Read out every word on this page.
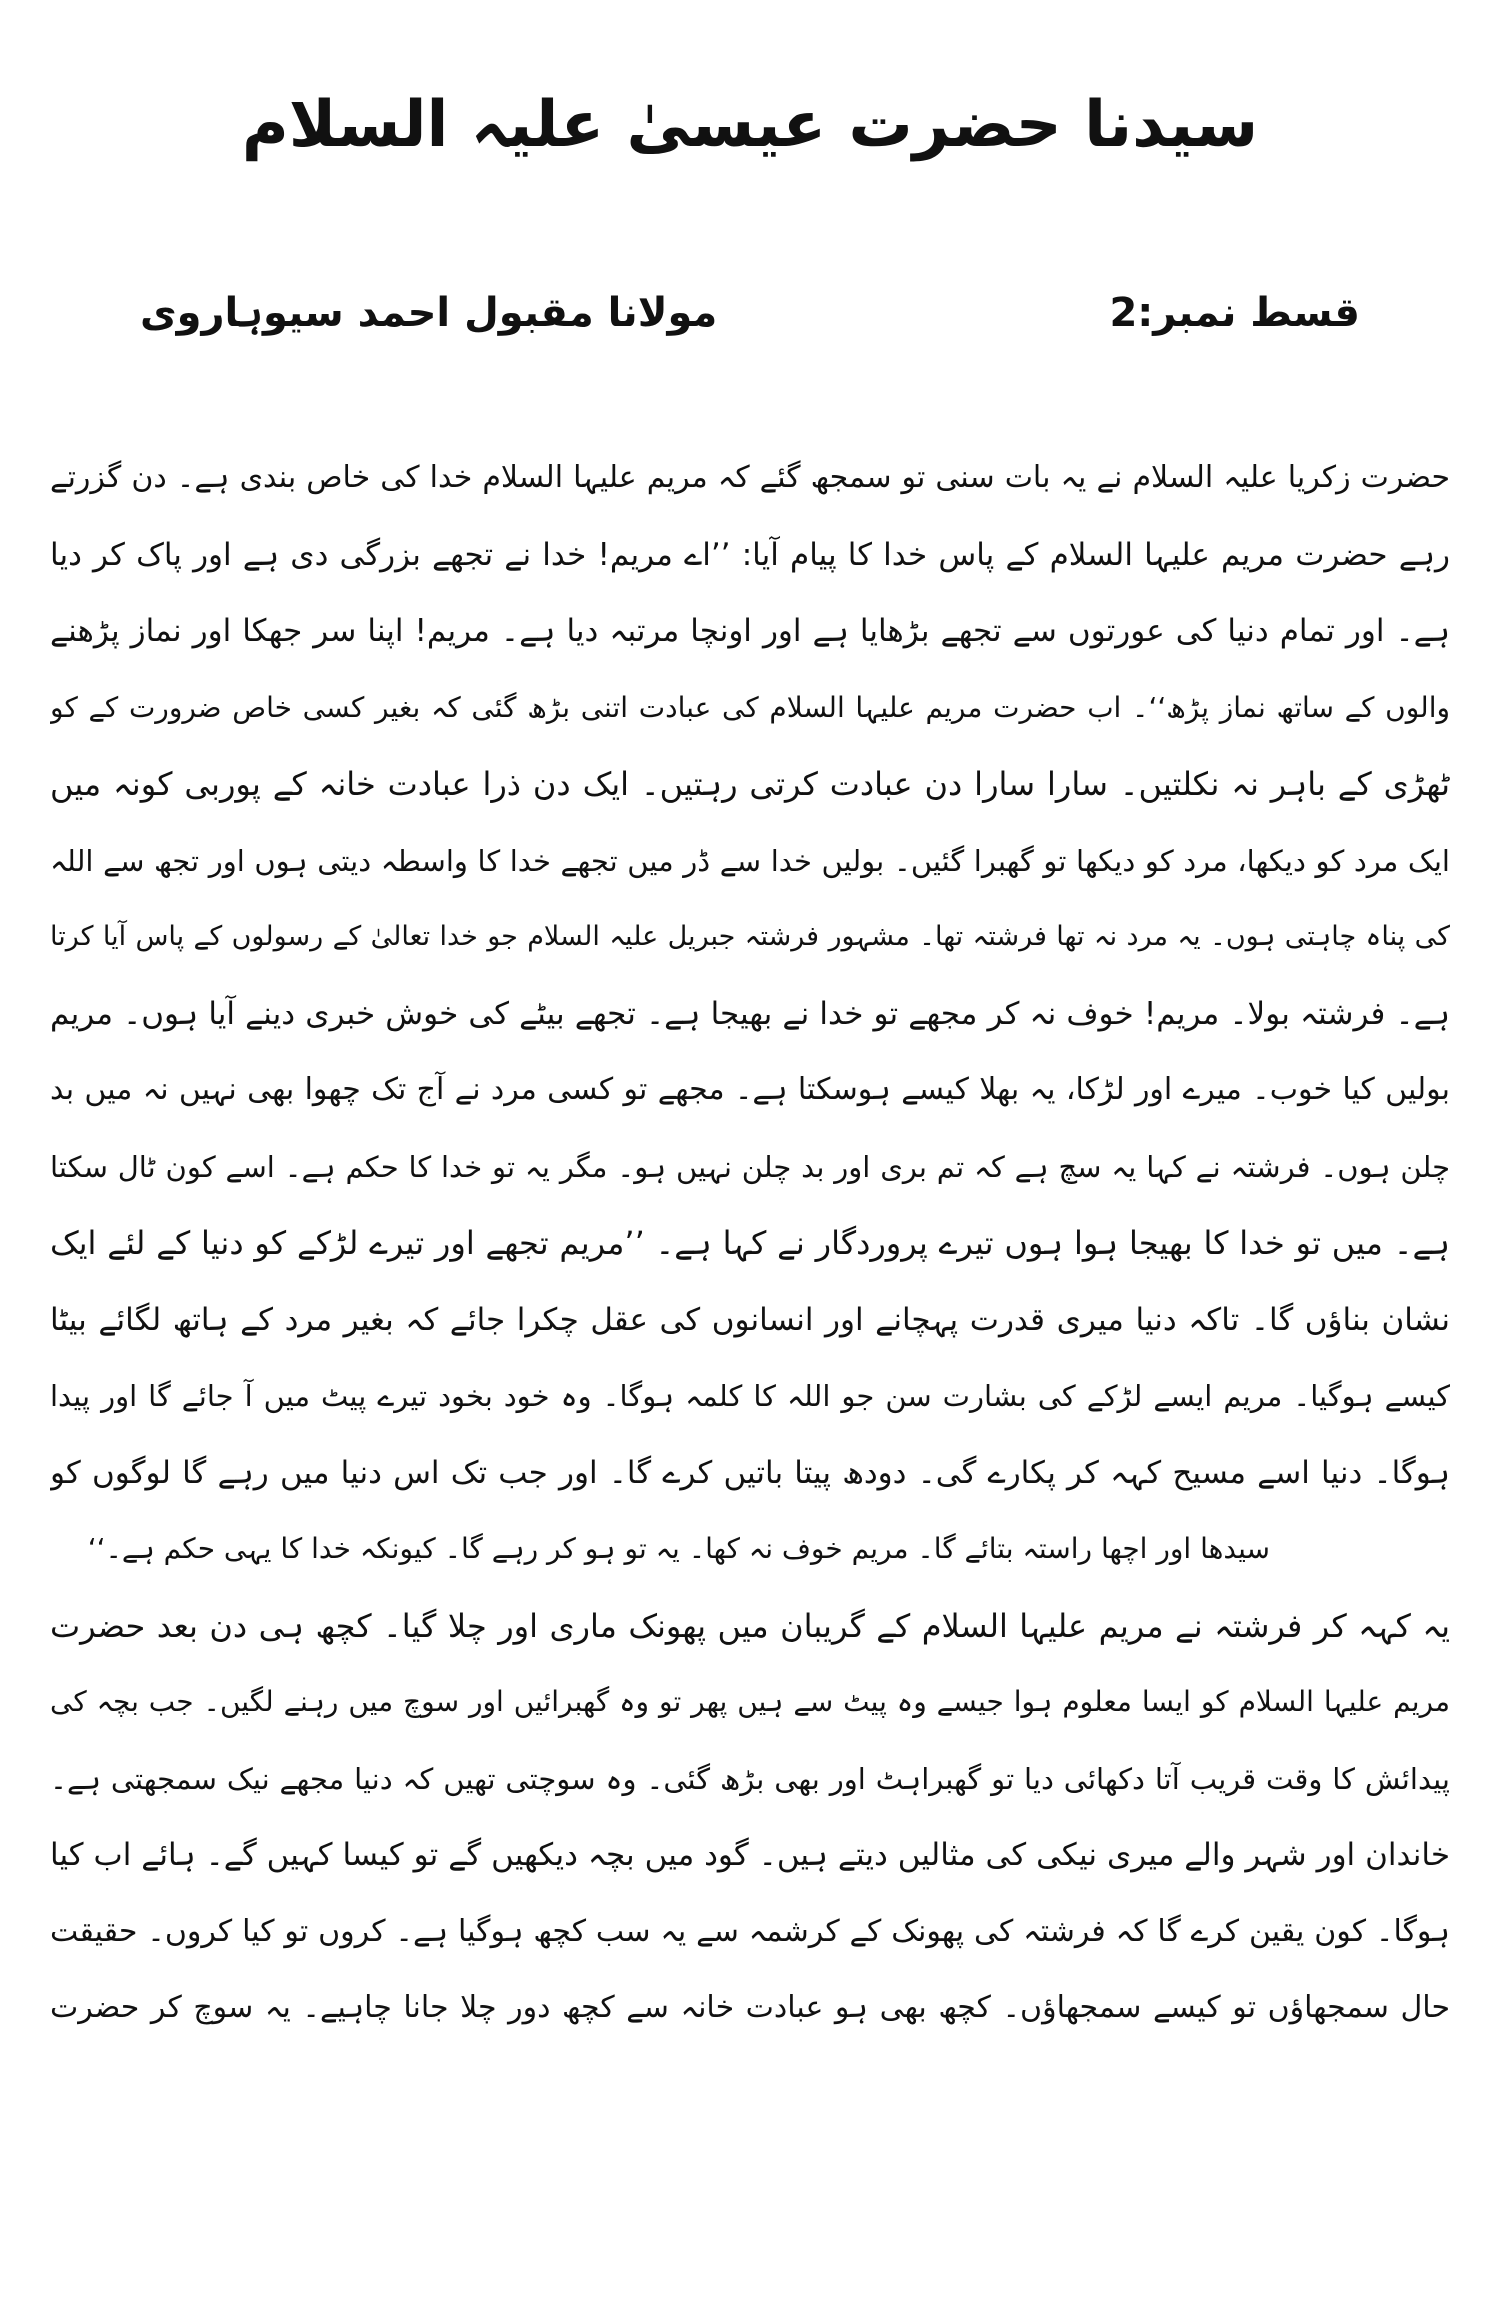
سیدنا حضرت عیسیٰ علیہ السلام
قسط نمبر:2
مولانا مقبول احمد سیوہاروی
حضرت زکریا علیہ السلام نے یہ بات سنی تو سمجھ گئے کہ مریم علیہا السلام خدا کی خاص بندی ہے۔ دن گزرتے
رہے حضرت مریم علیہا السلام کے پاس خدا کا پیام آیا: ’’اے مریم! خدا نے تجھے بزرگی دی ہے اور پاک کر دیا
ہے۔ اور تمام دنیا کی عورتوں سے تجھے بڑھایا ہے اور اونچا مرتبہ دیا ہے۔ مریم! اپنا سر جھکا اور نماز پڑھنے
والوں کے ساتھ نماز پڑھ‘‘۔ اب حضرت مریم علیہا السلام کی عبادت اتنی بڑھ گئی کہ بغیر کسی خاص ضرورت کے کو
ٹھڑی کے باہر نہ نکلتیں۔ سارا سارا دن عبادت کرتی رہتیں۔ ایک دن ذرا عبادت خانہ کے پوربی کونہ میں
ایک مرد کو دیکھا، مرد کو دیکھا تو گھبرا گئیں۔ بولیں خدا سے ڈر میں تجھے خدا کا واسطہ دیتی ہوں اور تجھ سے اللہ
کی پناہ چاہتی ہوں۔ یہ مرد نہ تھا فرشتہ تھا۔ مشہور فرشتہ جبریل علیہ السلام جو خدا تعالیٰ کے رسولوں کے پاس آیا کرتا
ہے۔ فرشتہ بولا۔ مریم! خوف نہ کر مجھے تو خدا نے بھیجا ہے۔ تجھے بیٹے کی خوش خبری دینے آیا ہوں۔ مریم
بولیں کیا خوب۔ میرے اور لڑکا، یہ بھلا کیسے ہوسکتا ہے۔ مجھے تو کسی مرد نے آج تک چھوا بھی نہیں نہ میں بد
چلن ہوں۔ فرشتہ نے کہا یہ سچ ہے کہ تم بری اور بد چلن نہیں ہو۔ مگر یہ تو خدا کا حکم ہے۔ اسے کون ٹال سکتا
ہے۔ میں تو خدا کا بھیجا ہوا ہوں تیرے پروردگار نے کہا ہے۔ ’’مریم تجھے اور تیرے لڑکے کو دنیا کے لئے ایک
نشان بناؤں گا۔ تاکہ دنیا میری قدرت پہچانے اور انسانوں کی عقل چکرا جائے کہ بغیر مرد کے ہاتھ لگائے بیٹا
کیسے ہوگیا۔ مریم ایسے لڑکے کی بشارت سن جو اللہ کا کلمہ ہوگا۔ وہ خود بخود تیرے پیٹ میں آ جائے گا اور پیدا
ہوگا۔ دنیا اسے مسیح کہہ کر پکارے گی۔ دودھ پیتا باتیں کرے گا۔ اور جب تک اس دنیا میں رہے گا لوگوں کو
سیدھا اور اچھا راستہ بتائے گا۔ مریم خوف نہ کھا۔ یہ تو ہو کر رہے گا۔ کیونکہ خدا کا یہی حکم ہے۔‘‘
یہ کہہ کر فرشتہ نے مریم علیہا السلام کے گریبان میں پھونک ماری اور چلا گیا۔ کچھ ہی دن بعد حضرت
مریم علیہا السلام کو ایسا معلوم ہوا جیسے وہ پیٹ سے ہیں پھر تو وہ گھبرائیں اور سوچ میں رہنے لگیں۔ جب بچہ کی
پیدائش کا وقت قریب آتا دکھائی دیا تو گھبراہٹ اور بھی بڑھ گئی۔ وہ سوچتی تھیں کہ دنیا مجھے نیک سمجھتی ہے۔
خاندان اور شہر والے میری نیکی کی مثالیں دیتے ہیں۔ گود میں بچہ دیکھیں گے تو کیسا کہیں گے۔ ہائے اب کیا
ہوگا۔ کون یقین کرے گا کہ فرشتہ کی پھونک کے کرشمہ سے یہ سب کچھ ہوگیا ہے۔ کروں تو کیا کروں۔ حقیقت
حال سمجھاؤں تو کیسے سمجھاؤں۔ کچھ بھی ہو عبادت خانہ سے کچھ دور چلا جانا چاہیے۔ یہ سوچ کر حضرت
